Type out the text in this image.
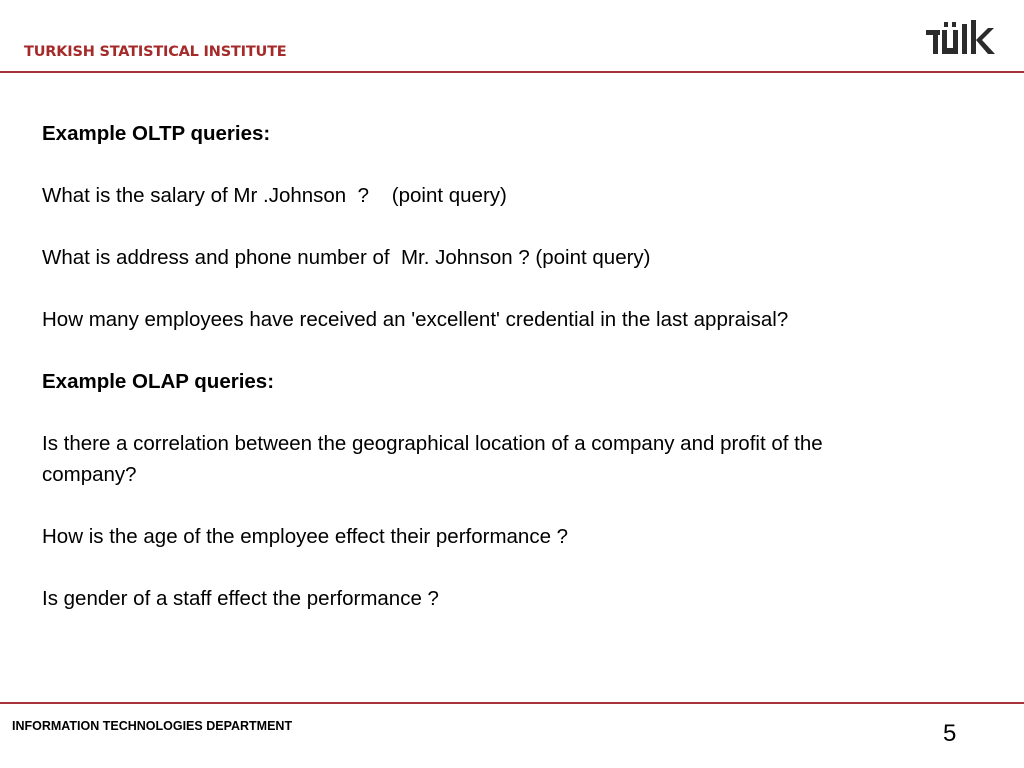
TURKISH STATISTICAL INSTITUTE

Example OLTP queries:

What is the salary of Mr .Johnson  ?    (point query)

What is address and phone number of  Mr. Johnson ? (point query)

How many employees have received an 'excellent' credential in the last appraisal?

Example OLAP queries:

Is there a correlation between the geographical location of a company and profit of the company?

How is the age of the employee effect their performance ?

Is gender of a staff effect the performance ?

INFORMATION TECHNOLOGIES DEPARTMENT	5
